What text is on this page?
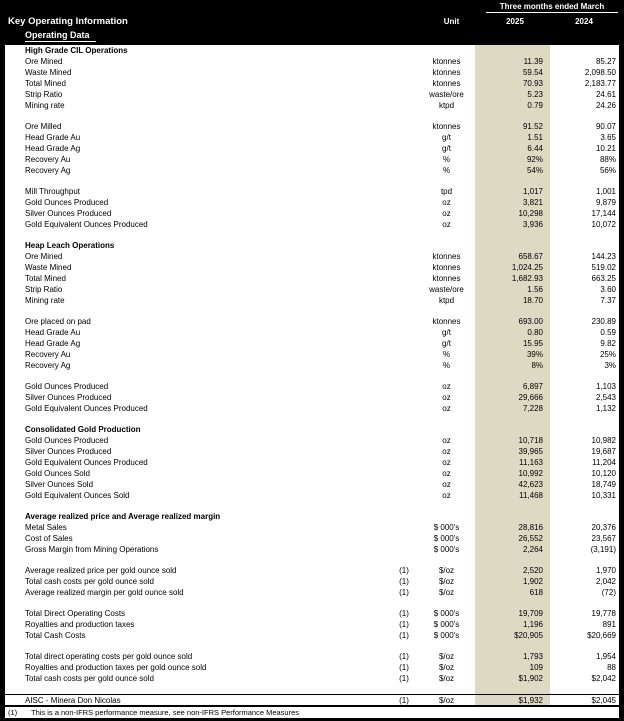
Three months ended March
Key Operating Information	Unit	2025	2024
Operating Data
High Grade CIL Operations
Ore Mined	ktonnes	11.39	85.27
Waste Mined	ktonnes	59.54	2,098.50
Total Mined	ktonnes	70.93	2,183.77
Strip Ratio	waste/ore	5.23	24.61
Mining rate	ktpd	0.79	24.26
Ore Milled	ktonnes	91.52	90.07
Head Grade Au	g/t	1.51	3.65
Head Grade Ag	g/t	6.44	10.21
Recovery Au	%	92%	88%
Recovery Ag	%	54%	56%
Mill Throughput	tpd	1,017	1,001
Gold Ounces Produced	oz	3,821	9,879
Silver Ounces Produced	oz	10,298	17,144
Gold Equivalent Ounces Produced	oz	3,936	10,072
Heap Leach Operations
Ore Mined	ktonnes	658.67	144.23
Waste Mined	ktonnes	1,024.25	519.02
Total Mined	ktonnes	1,682.93	663.25
Strip Ratio	waste/ore	1.56	3.60
Mining rate	ktpd	18.70	7.37
Ore placed on pad	ktonnes	693.00	230.89
Head Grade Au	g/t	0.80	0.59
Head Grade Ag	g/t	15.95	9.82
Recovery Au	%	39%	25%
Recovery Ag	%	8%	3%
Gold Ounces Produced	oz	6,897	1,103
Silver Ounces Produced	oz	29,666	2,543
Gold Equivalent Ounces Produced	oz	7,228	1,132
Consolidated Gold Production
Gold Ounces Produced	oz	10,718	10,982
Silver Ounces Produced	oz	39,965	19,687
Gold Equivalent Ounces Produced	oz	11,163	11,204
Gold Ounces Sold	oz	10,992	10,120
Silver Ounces Sold	oz	42,623	18,749
Gold Equivalent Ounces Sold	oz	11,468	10,331
Average realized price and Average realized margin
Metal Sales	$ 000's	28,816	20,376
Cost of Sales	$ 000's	26,552	23,567
Gross Margin from Mining Operations	$ 000's	2,264	(3,191)
Average realized price per gold ounce sold	(1)	$/oz	2,520	1,970
Total cash costs per gold ounce sold	(1)	$/oz	1,902	2,042
Average realized margin per gold ounce sold	(1)	$/oz	618	(72)
Total Direct Operating Costs	(1)	$ 000's	19,709	19,778
Royalties and production taxes	(1)	$ 000's	1,196	891
Total Cash Costs	(1)	$ 000's	$20,905	$20,669
Total direct operating costs per gold ounce sold	(1)	$/oz	1,793	1,954
Royalties and production taxes per gold ounce sold	(1)	$/oz	109	88
Total cash costs per gold ounce sold	(1)	$/oz	$1,902	$2,042
AISC - Minera Don Nicolas	(1)	$/oz	$1,932	$2,045
(1)	This is a non-IFRS performance measure, see non-IFRS Performance Measures
